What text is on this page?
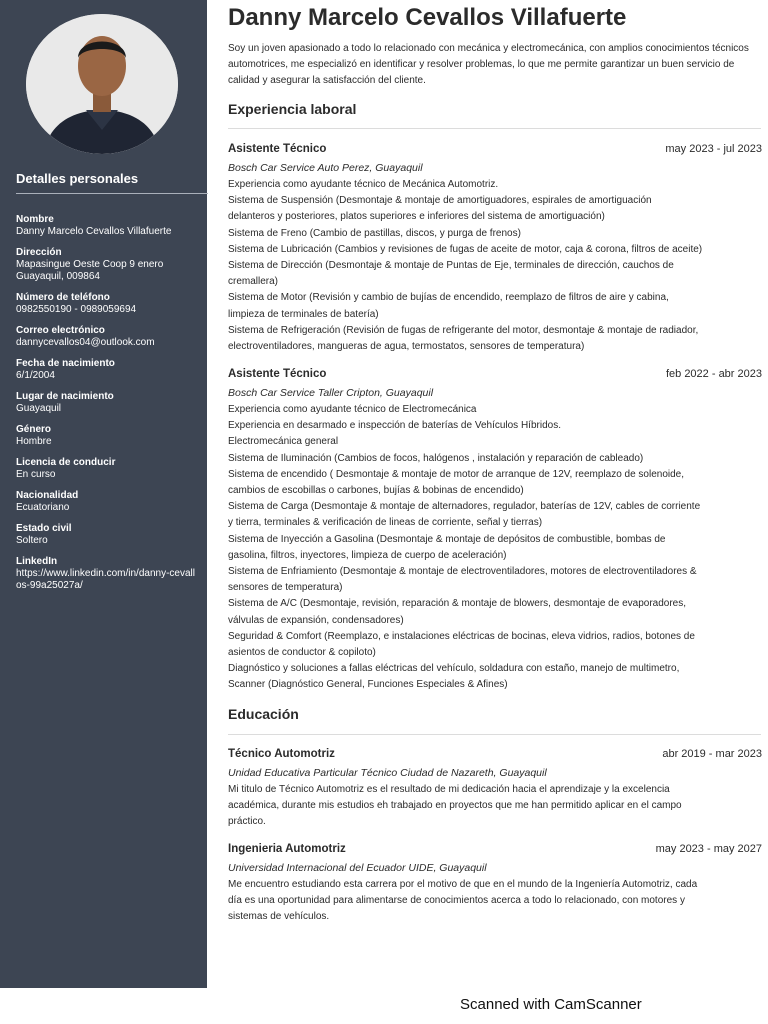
Detalles personales
Nombre
Danny Marcelo Cevallos Villafuerte
Dirección
Mapasingue Oeste Coop 9 enero
Guayaquil, 009864
Número de teléfono
0982550190 - 0989059694
Correo electrónico
dannycevallos04@outlook.com
Fecha de nacimiento
6/1/2004
Lugar de nacimiento
Guayaquil
Género
Hombre
Licencia de conducir
En curso
Nacionalidad
Ecuatoriano
Estado civil
Soltero
LinkedIn
https://www.linkedin.com/in/danny-cevallos-99a25027a/
Danny Marcelo Cevallos Villafuerte
Soy un joven apasionado a todo lo relacionado con mecánica y electromecánica, con amplios conocimientos técnicos automotrices, me especializó en identificar y resolver problemas, lo que me permite garantizar un buen servicio de calidad y asegurar la satisfacción del cliente.
Experiencia laboral
Asistente Técnico	may 2023 - jul 2023
Bosch Car Service Auto Perez, Guayaquil
Experiencia como ayudante técnico de Mecánica Automotriz.
Sistema de Suspensión (Desmontaje & montaje de amortiguadores, espirales de amortiguación
delanteros y posteriores, platos superiores e inferiores del sistema de amortiguación)
Sistema de Freno (Cambio de pastillas, discos, y purga de frenos)
Sistema de Lubricación (Cambios y revisiones de fugas de aceite de motor, caja & corona, filtros de aceite)
Sistema de Dirección (Desmontaje & montaje de Puntas de Eje, terminales de dirección, cauchos de
cremallera)
Sistema de Motor (Revisión y cambio de bujías de encendido, reemplazo de filtros de aire y cabina,
limpieza de terminales de batería)
Sistema de Refrigeración (Revisión de fugas de refrigerante del motor, desmontaje & montaje de radiador,
electroventiladores, mangueras de agua, termostatos, sensores de temperatura)
Asistente Técnico	feb 2022 - abr 2023
Bosch Car Service Taller Cripton, Guayaquil
Experiencia como ayudante técnico de Electromecánica
Experiencia en desarmado e inspección de baterías de Vehículos Híbridos.
Electromecánica general
Sistema de Iluminación (Cambios de focos, halógenos , instalación y reparación de cableado)
Sistema de encendido ( Desmontaje & montaje de motor de arranque de 12V, reemplazo de solenoide,
cambios de escobillas o carbones, bujías & bobinas de encendido)
Sistema de Carga (Desmontaje & montaje de alternadores, regulador, baterías de 12V, cables de corriente
y tierra, terminales & verificación de lineas de corriente, señal y tierras)
Sistema de Inyección a Gasolina (Desmontaje & montaje de depósitos de combustible, bombas de
gasolina, filtros, inyectores, limpieza de cuerpo de aceleración)
Sistema de Enfriamiento (Desmontaje & montaje de electroventiladores, motores de electroventiladores &
sensores de temperatura)
Sistema de A/C (Desmontaje, revisión, reparación & montaje de blowers, desmontaje de evaporadores,
válvulas de expansión, condensadores)
Seguridad & Comfort (Reemplazo, e instalaciones eléctricas de bocinas, eleva vidrios, radios, botones de
asientos de conductor & copiloto)
Diagnóstico y soluciones a fallas eléctricas del vehículo, soldadura con estaño, manejo de multimetro,
Scanner (Diagnóstico General, Funciones Especiales & Afines)
Educación
Técnico Automotriz	abr 2019 - mar 2023
Unidad Educativa Particular Técnico Ciudad de Nazareth, Guayaquil
Mi titulo de Técnico Automotriz es el resultado de mi dedicación hacia el aprendizaje y la excelencia
académica, durante mis estudios eh trabajado en proyectos que me han permitido aplicar en el campo
práctico.
Ingenieria Automotriz	may 2023 - may 2027
Universidad Internacional del Ecuador UIDE, Guayaquil
Me encuentro estudiando esta carrera por el motivo de que en el mundo de la Ingeniería Automotriz, cada
día es una oportunidad para alimentarse de conocimientos acerca a todo lo relacionado, con motores y
sistemas de vehículos.
Scanned with CamScanner
